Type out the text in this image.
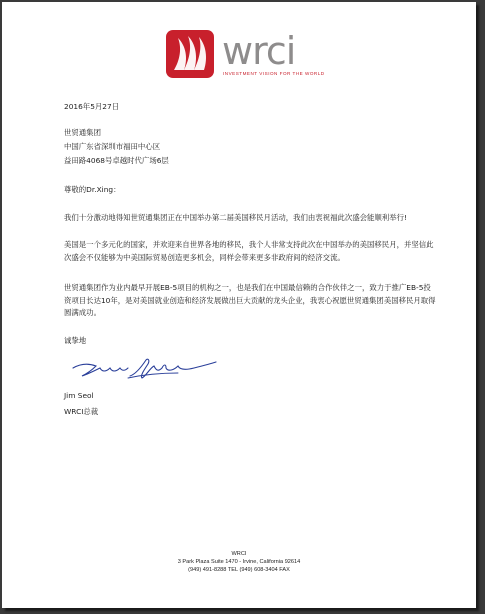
wrci
INVESTMENT VISION FOR THE WORLD
2016年5月27日
世贸通集团
中国广东省深圳市福田中心区
益田路4068号卓越时代广场6层
尊敬的Dr.Xing：
我们十分激动地得知世贸通集团正在中国举办第二届美国移民月活动，我们由衷祝福此次盛会能顺利举行!
美国是一个多元化的国家，并欢迎来自世界各地的移民，我个人非常支持此次在中国举办的美国移民月，并坚信此次盛会不仅能够为中美国际贸易创造更多机会，同样会带来更多非政府间的经济交流。
世贸通集团作为业内最早开展EB-5项目的机构之一，也是我们在中国最信赖的合作伙伴之一，致力于推广EB-5投资项目长达10年，是对美国就业创造和经济发展做出巨大贡献的龙头企业，我衷心祝愿世贸通集团美国移民月取得圆满成功。
诚挚地
Jim Seol
WRCI总裁
WRCI
3 Park Plaza Suite 1470 - Irvine, California 92614
(949) 491-8288 TEL (949) 608-3404 FAX
